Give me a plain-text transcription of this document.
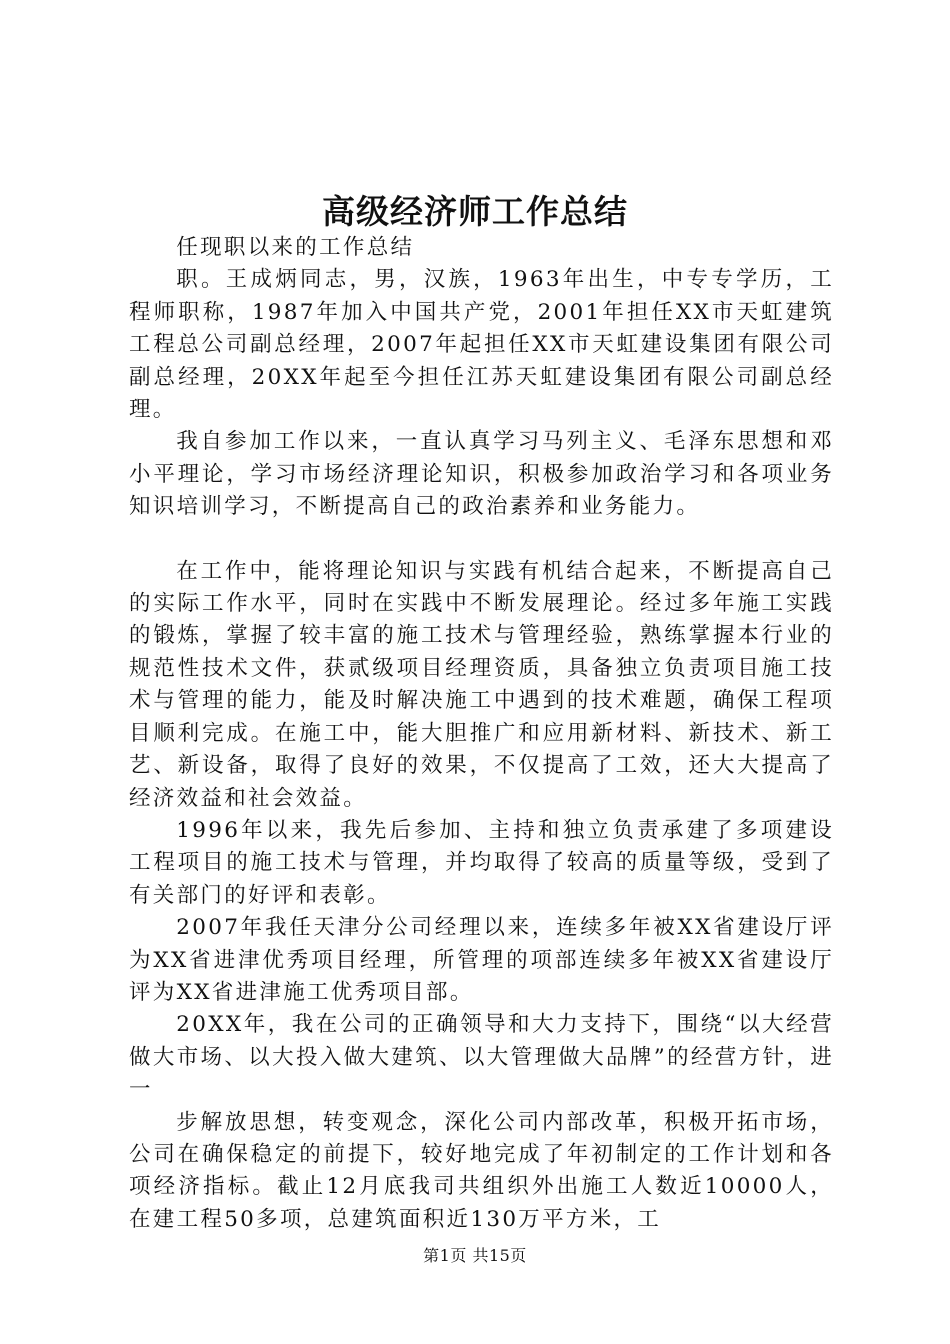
高级经济师工作总结

任现职以来的工作总结

职。王成炳同志，男，汉族，1963年出生，中专专学历，工程师职称，1987年加入中国共产党，2001年担任XX市天虹建筑工程总公司副总经理，2007年起担任XX市天虹建设集团有限公司副总经理，20XX年起至今担任江苏天虹建设集团有限公司副总经理。

我自参加工作以来，一直认真学习马列主义、毛泽东思想和邓小平理论，学习市场经济理论知识，积极参加政治学习和各项业务知识培训学习，不断提高自己的政治素养和业务能力。

在工作中，能将理论知识与实践有机结合起来，不断提高自己的实际工作水平，同时在实践中不断发展理论。经过多年施工实践的锻炼，掌握了较丰富的施工技术与管理经验，熟练掌握本行业的规范性技术文件，获贰级项目经理资质，具备独立负责项目施工技术与管理的能力，能及时解决施工中遇到的技术难题，确保工程项目顺利完成。在施工中，能大胆推广和应用新材料、新技术、新工艺、新设备，取得了良好的效果，不仅提高了工效，还大大提高了经济效益和社会效益。

1996年以来，我先后参加、主持和独立负责承建了多项建设工程项目的施工技术与管理，并均取得了较高的质量等级，受到了有关部门的好评和表彰。

2007年我任天津分公司经理以来，连续多年被XX省建设厅评为XX省进津优秀项目经理，所管理的项部连续多年被XX省建设厅评为XX省进津施工优秀项目部。

20XX年，我在公司的正确领导和大力支持下，围绕“以大经营做大市场、以大投入做大建筑、以大管理做大品牌”的经营方针，进一

步解放思想，转变观念，深化公司内部改革，积极开拓市场，公司在确保稳定的前提下，较好地完成了年初制定的工作计划和各项经济指标。截止12月底我司共组织外出施工人数近10000人，在建工程50多项，总建筑面积近130万平方米，工

第1页 共15页
